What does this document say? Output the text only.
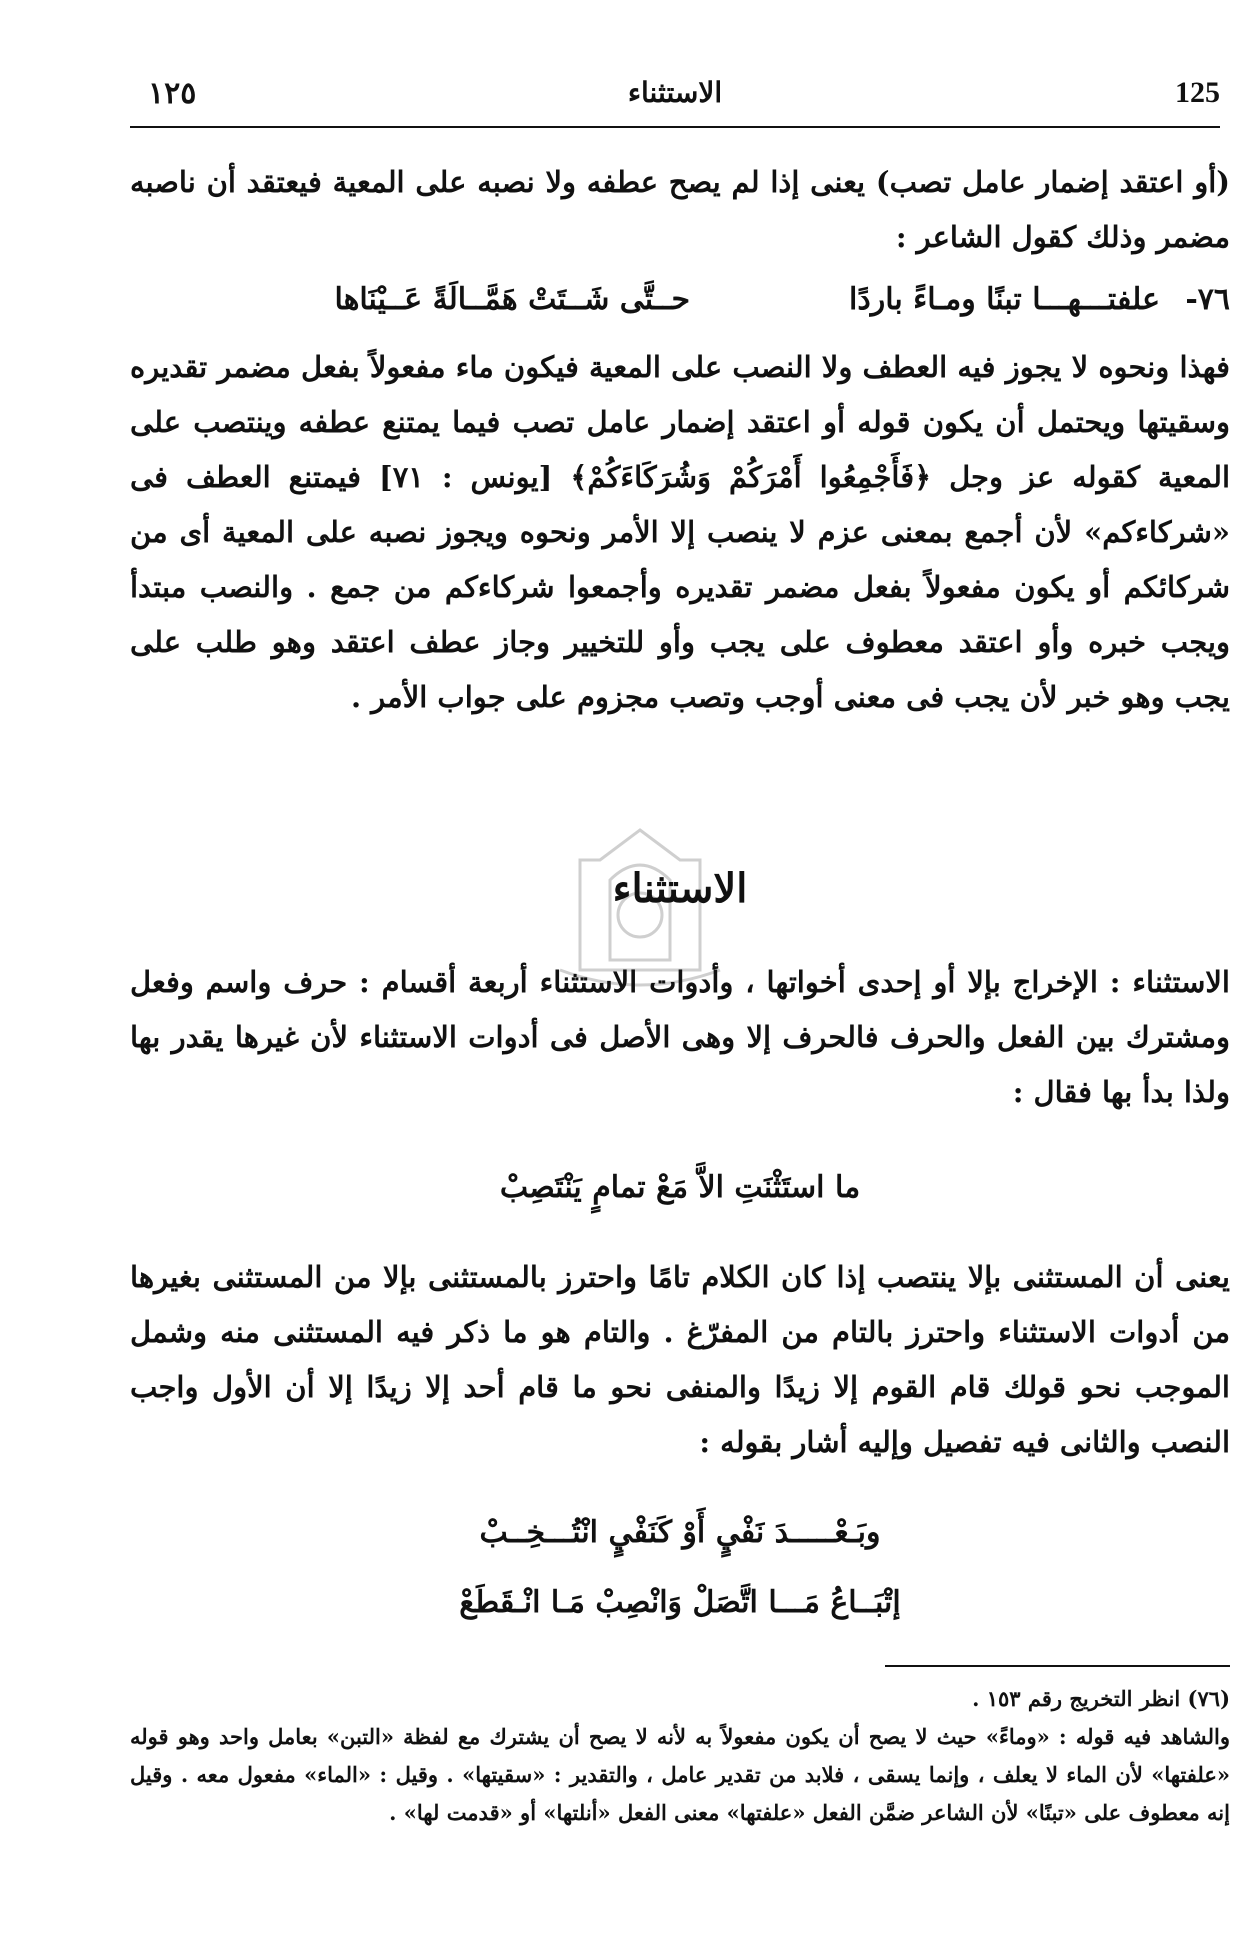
١٢٥	الاستثناء	125
(أو اعتقد إضمار عامل تصب) يعنى إذا لم يصح عطفه ولا نصبه على المعية فيعتقد أن ناصبه مضمر وذلك كقول الشاعر :
٧٦-
علفتـــهـــا تبنًا ومـاءً باردًا
حــتَّى شَــتَتْ هَمَّــالَةً عَــيْنَاها
فهذا ونحوه لا يجوز فيه العطف ولا النصب على المعية فيكون ماء مفعولاً بفعل مضمر تقديره وسقيتها ويحتمل أن يكون قوله أو اعتقد إضمار عامل تصب فيما يمتنع عطفه وينتصب على المعية كقوله عز وجل ﴿فَأَجْمِعُوا أَمْرَكُمْ وَشُرَكَاءَكُمْ﴾ [يونس : ٧١] فيمتنع العطف فى «شركاءكم» لأن أجمع بمعنى عزم لا ينصب إلا الأمر ونحوه ويجوز نصبه على المعية أى من شركائكم أو يكون مفعولاً بفعل مضمر تقديره وأجمعوا شركاءكم من جمع . والنصب مبتدأ ويجب خبره وأو اعتقد معطوف على يجب وأو للتخيير وجاز عطف اعتقد وهو طلب على يجب وهو خبر لأن يجب فى معنى أوجب وتصب مجزوم على جواب الأمر .
الاستثناء
الاستثناء : الإخراج بإلا أو إحدى أخواتها ، وأدوات الاستثناء أربعة أقسام : حرف واسم وفعل ومشترك بين الفعل والحرف فالحرف إلا وهى الأصل فى أدوات الاستثناء لأن غيرها يقدر بها ولذا بدأ بها فقال :
ما استَثْنَتِ الاَّ مَعْ تمامٍ يَنْتَصِبْ
يعنى أن المستثنى بإلا ينتصب إذا كان الكلام تامًا واحترز بالمستثنى بإلا من المستثنى بغيرها من أدوات الاستثناء واحترز بالتام من المفرّغ . والتام هو ما ذكر فيه المستثنى منه وشمل الموجب نحو قولك قام القوم إلا زيدًا والمنفى نحو ما قام أحد إلا زيدًا إلا أن الأول واجب النصب والثانى فيه تفصيل وإليه أشار بقوله :
وبَـعْـــــدَ نَفْيٍ أَوْ كَنَفْيٍ انْتُـــخِــبْ
إتْبَــاعُ مَـــا اتَّصَلْ وَانْصِبْ مَـا انْـقَطَعْ
(٧٦) انظر التخريج رقم ١٥٣ .
والشاهد فيه قوله : «وماءً» حيث لا يصح أن يكون مفعولاً به لأنه لا يصح أن يشترك مع لفظة «التبن» بعامل واحد وهو قوله «علفتها» لأن الماء لا يعلف ، وإنما يسقى ، فلابد من تقدير عامل ، والتقدير : «سقيتها» . وقيل : «الماء» مفعول معه . وقيل إنه معطوف على «تبنًا» لأن الشاعر ضمَّن الفعل «علفتها» معنى الفعل «أنلتها» أو «قدمت لها» .
